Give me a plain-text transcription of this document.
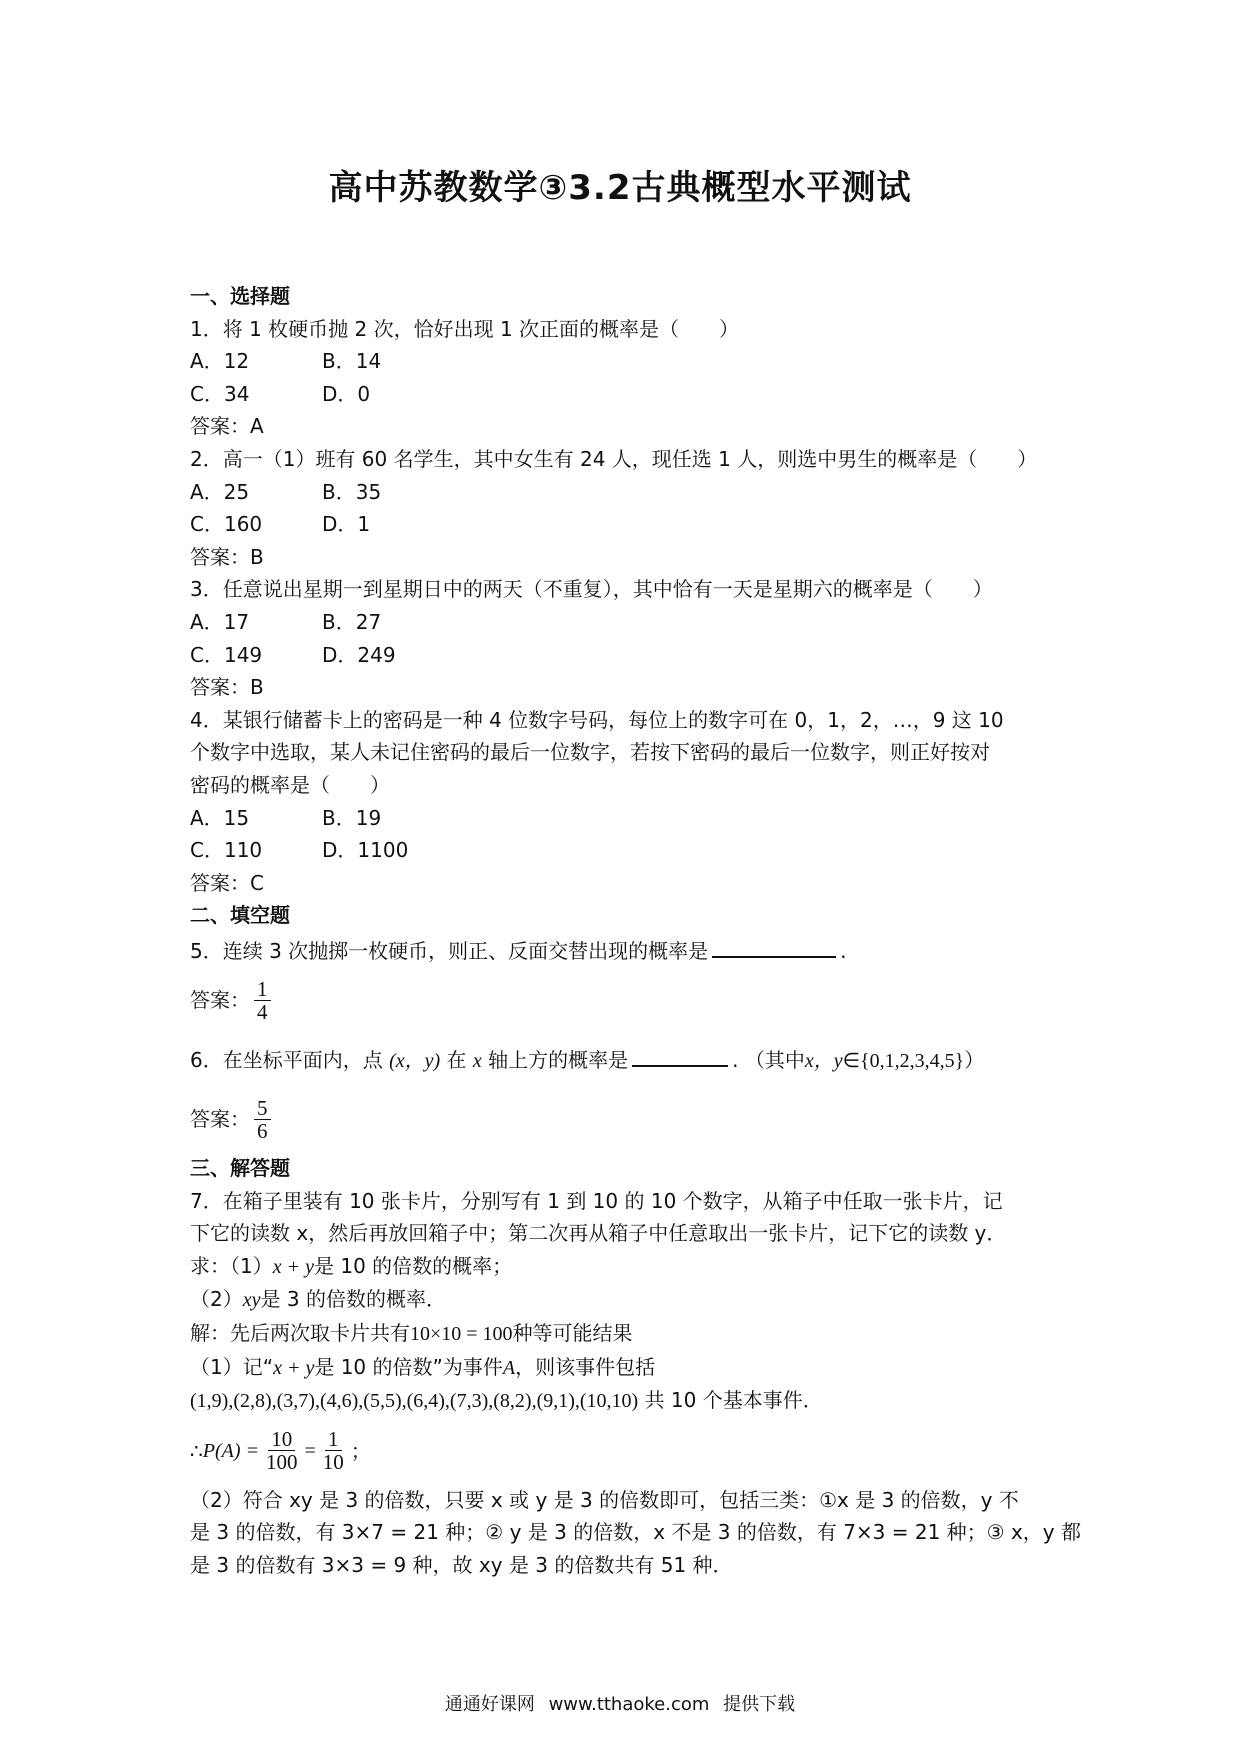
高中苏教数学③3.2古典概型水平测试
一、选择题
1．将 1 枚硬币抛 2 次，恰好出现 1 次正面的概率是（　　）
A．12	B．14
C．34	D．0
答案：A
2．高一（1）班有 60 名学生，其中女生有 24 人，现任选 1 人，则选中男生的概率是（　　）
A．25	B．35
C．160	D．1
答案：B
3．任意说出星期一到星期日中的两天（不重复），其中恰有一天是星期六的概率是（　　）
A．17	B．27
C．149	D．249
答案：B
4．某银行储蓄卡上的密码是一种 4 位数字号码，每位上的数字可在 0，1，2，…，9 这 10
个数字中选取，某人未记住密码的最后一位数字，若按下密码的最后一位数字，则正好按对
密码的概率是（　　）
A．15	B．19
C．110	D．1100
答案：C
二、填空题
5．连续 3 次抛掷一枚硬币，则正、反面交替出现的概率是	.
答案： $\frac{1}{4}$
6．在坐标平面内，点 (x，y) 在 x 轴上方的概率是	. （其中x，y∈{0,1,2,3,4,5}）
答案： $\frac{5}{6}$
三、解答题
7．在箱子里装有 10 张卡片，分别写有 1 到 10 的 10 个数字，从箱子中任取一张卡片，记
下它的读数 x，然后再放回箱子中；第二次再从箱子中任意取出一张卡片，记下它的读数 y．
求：（1）x + y是 10 的倍数的概率；
（2）xy是 3 的倍数的概率．
解：先后两次取卡片共有10×10 = 100种等可能结果
（1）记“x + y是 10 的倍数”为事件A，则该事件包括
(1,9),(2,8),(3,7),(4,6),(5,5),(6,4),(7,3),(8,2),(9,1),(10,10) 共 10 个基本事件．
∴ $P(A) = \frac{10}{100} = \frac{1}{10}$ ；
（2）符合 xy 是 3 的倍数，只要 x 或 y 是 3 的倍数即可，包括三类：①x 是 3 的倍数，y 不
是 3 的倍数，有 3×7 = 21 种；② y 是 3 的倍数，x 不是 3 的倍数，有 7×3 = 21 种；③ x，y 都
是 3 的倍数有 3×3 = 9 种，故 xy 是 3 的倍数共有 51 种．
通通好课网 www.tthaoke.com 提供下载
